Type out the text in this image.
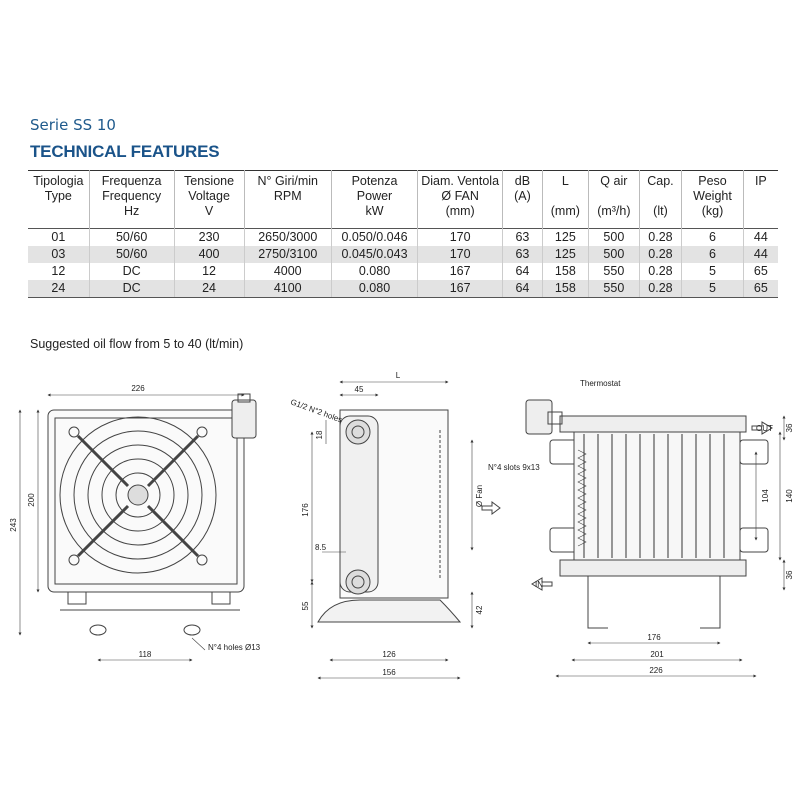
Serie SS 10
TECHNICAL FEATURES
Tipologia
Type	Frequenza
Frequency
Hz	Tensione
Voltage
V	N° Giri/min
RPM	Potenza
Power
kW	Diam. Ventola
Ø FAN
(mm)	dB
(A)	L

(mm)	Q air

(m³/h)	Cap.

(lt)	Peso
Weight
(kg)	IP

01	50/60	230	2650/3000	0.050/0.046	170	63	125	500	0.28	6	44
03	50/60	400	2750/3100	0.045/0.043	170	63	125	500	0.28	6	44
12	DC	12	4000	0.080	167	64	158	550	0.28	5	65
24	DC	24	4100	0.080	167	64	158	550	0.28	5	65
Suggested oil flow from 5 to 40 (lt/min)
226
200
243
118
N°4 holes Ø13
L
45
G1/2 N°2 holes
18
176
8.5
55	42
Ø Fan
126
156
Thermostat
OUT
IN
36
N°4 slots 9x13
104 140
36
176
201
226
